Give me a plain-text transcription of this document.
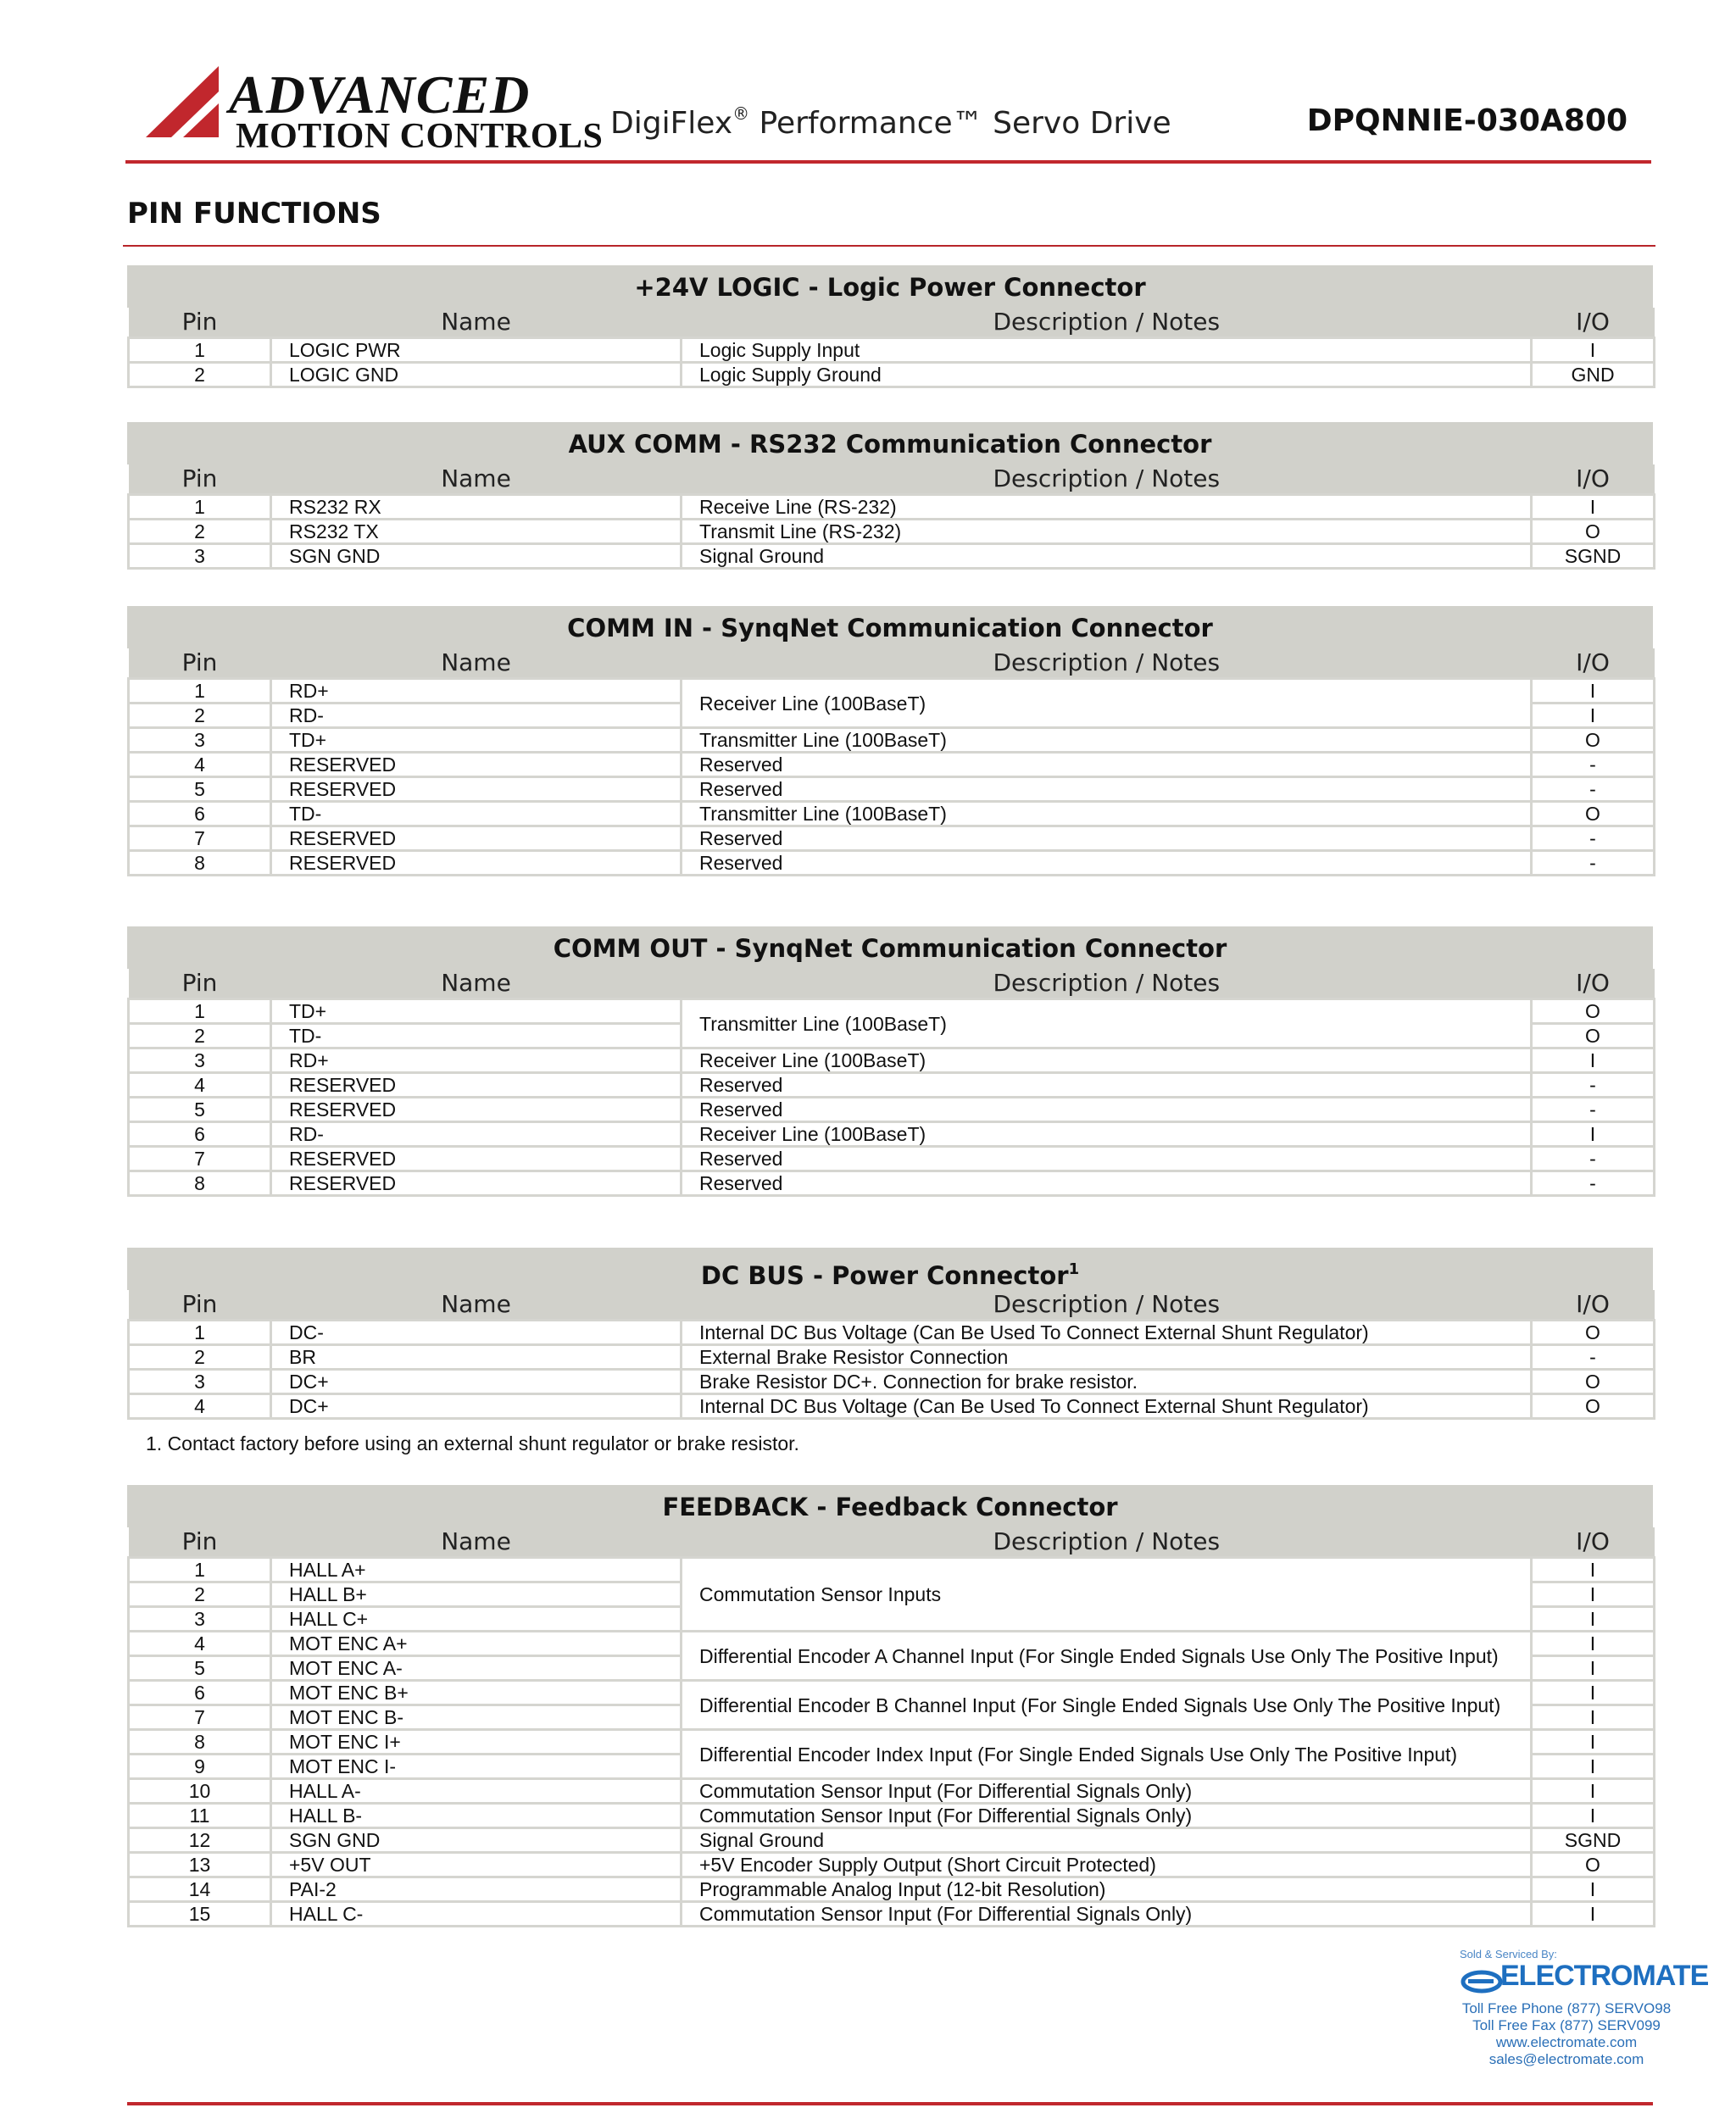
ADVANCED
MOTION CONTROLS DigiFlex® Performance™ Servo Drive	DPQNNIE-030A800
PIN FUNCTIONS
+24V LOGIC - Logic Power Connector
Pin	Name	Description / Notes	I/O
1	LOGIC PWR	Logic Supply Input	I
2	LOGIC GND	Logic Supply Ground	GND
AUX COMM - RS232 Communication Connector
Pin	Name	Description / Notes	I/O
1	RS232 RX	Receive Line (RS-232)	I
2	RS232 TX	Transmit Line (RS-232)	O
3	SGN GND	Signal Ground	SGND
COMM IN - SynqNet Communication Connector
Pin	Name	Description / Notes	I/O
1	RD+	Receiver Line (100BaseT)	I
2	RD-		I
3	TD+	Transmitter Line (100BaseT)	O
4	RESERVED	Reserved	-
5	RESERVED	Reserved	-
6	TD-	Transmitter Line (100BaseT)	O
7	RESERVED	Reserved	-
8	RESERVED	Reserved	-
COMM OUT - SynqNet Communication Connector
Pin	Name	Description / Notes	I/O
1	TD+	Transmitter Line (100BaseT)	O
2	TD-		O
3	RD+	Receiver Line (100BaseT)	I
4	RESERVED	Reserved	-
5	RESERVED	Reserved	-
6	RD-	Receiver Line (100BaseT)	I
7	RESERVED	Reserved	-
8	RESERVED	Reserved	-
DC BUS - Power Connector$^1$
Pin	Name	Description / Notes	I/O
1	DC-	Internal DC Bus Voltage (Can Be Used To Connect External Shunt Regulator)	O
2	BR	External Brake Resistor Connection	-
3	DC+	Brake Resistor DC+. Connection for brake resistor.	O
4	DC+	Internal DC Bus Voltage (Can Be Used To Connect External Shunt Regulator)	O
FEEDBACK - Feedback Connector
Pin	Name	Description / Notes	I/O
1	HALL A+	Commutation Sensor Inputs	I
2	HALL B+		I
3	HALL C+		I
4	MOT ENC A+	Differential Encoder A Channel Input (For Single Ended Signals Use Only The Positive Input)	I
5	MOT ENC A-		I
6	MOT ENC B+	Differential Encoder B Channel Input (For Single Ended Signals Use Only The Positive Input)	I
7	MOT ENC B-		I
8	MOT ENC I+	Differential Encoder Index Input (For Single Ended Signals Use Only The Positive Input)	I
9	MOT ENC I-		I
10	HALL A-	Commutation Sensor Input (For Differential Signals Only)	I
11	HALL B-	Commutation Sensor Input (For Differential Signals Only)	I
12	SGN GND	Signal Ground	SGND
13	+5V OUT	+5V Encoder Supply Output (Short Circuit Protected)	O
14	PAI-2	Programmable Analog Input (12-bit Resolution)	I
15	HALL C-	Commutation Sensor Input (For Differential Signals Only)	I
1. Contact factory before using an external shunt regulator or brake resistor.
Sold & Serviced By:
ELECTROMATE
Toll Free Phone (877) SERVO98
Toll Free Fax (877) SERV099
www.electromate.com
sales@electromate.com
